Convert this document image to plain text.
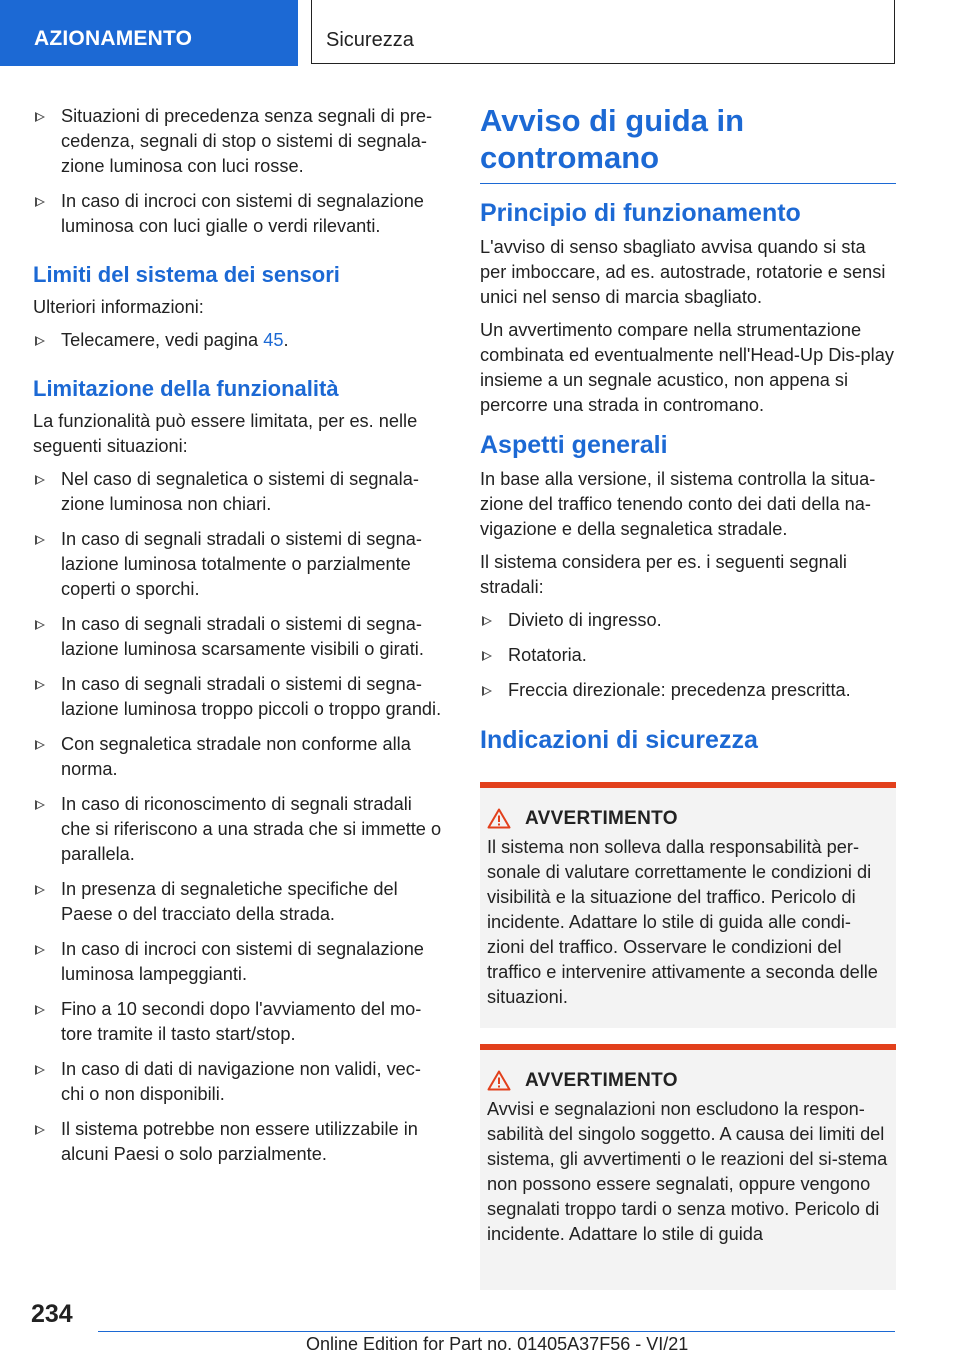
AZIONAMENTO	Sicurezza
Situazioni di precedenza senza segnali di pre-cedenza, segnali di stop o sistemi di segnala-zione luminosa con luci rosse.
In caso di incroci con sistemi di segnalazione luminosa con luci gialle o verdi rilevanti.
Limiti del sistema dei sensori

Ulteriori informazioni:

Telecamere, vedi pagina 45.
Limitazione della funzionalità

La funzionalità può essere limitata, per es. nelle seguenti situazioni:

Nel caso di segnaletica o sistemi di segnala-zione luminosa non chiari.
In caso di segnali stradali o sistemi di segna-lazione luminosa totalmente o parzialmente coperti o sporchi.
In caso di segnali stradali o sistemi di segna-lazione luminosa scarsamente visibili o girati.
In caso di segnali stradali o sistemi di segna-lazione luminosa troppo piccoli o troppo grandi.
Con segnaletica stradale non conforme alla norma.
In caso di riconoscimento di segnali stradali che si riferiscono a una strada che si immette o parallela.
In presenza di segnaletiche specifiche del Paese o del tracciato della strada.
In caso di incroci con sistemi di segnalazione luminosa lampeggianti.
Fino a 10 secondi dopo l'avviamento del mo-tore tramite il tasto start/stop.
In caso di dati di navigazione non validi, vec-chi o non disponibili.
Il sistema potrebbe non essere utilizzabile in alcuni Paesi o solo parzialmente.
Avviso di guida in contromano
Principio di funzionamento

L'avviso di senso sbagliato avvisa quando si sta per imboccare, ad es. autostrade, rotatorie e sensi unici nel senso di marcia sbagliato.

Un avvertimento compare nella strumentazione combinata ed eventualmente nell'Head-Up Dis-play insieme a un segnale acustico, non appena si percorre una strada in contromano.

Aspetti generali

In base alla versione, il sistema controlla la situa-zione del traffico tenendo conto dei dati della na-vigazione e della segnaletica stradale.

Il sistema considera per es. i seguenti segnali stradali:

Divieto di ingresso.
Rotatoria.
Freccia direzionale: precedenza prescritta.
Indicazioni di sicurezza
AVVERTIMENTO

Il sistema non solleva dalla responsabilità per-sonale di valutare correttamente le condizioni di visibilità e la situazione del traffico. Pericolo di incidente. Adattare lo stile di guida alle condi-zioni del traffico. Osservare le condizioni del traffico e intervenire attivamente a seconda delle situazioni.

AVVERTIMENTO

Avvisi e segnalazioni non escludono la respon-sabilità del singolo soggetto. A causa dei limiti del sistema, gli avvertimenti o le reazioni del si-stema non possono essere segnalati, oppure vengono segnalati troppo tardi o senza motivo. Pericolo di incidente. Adattare lo stile di guida

234
Online Edition for Part no. 01405A37F56 - VI/21
